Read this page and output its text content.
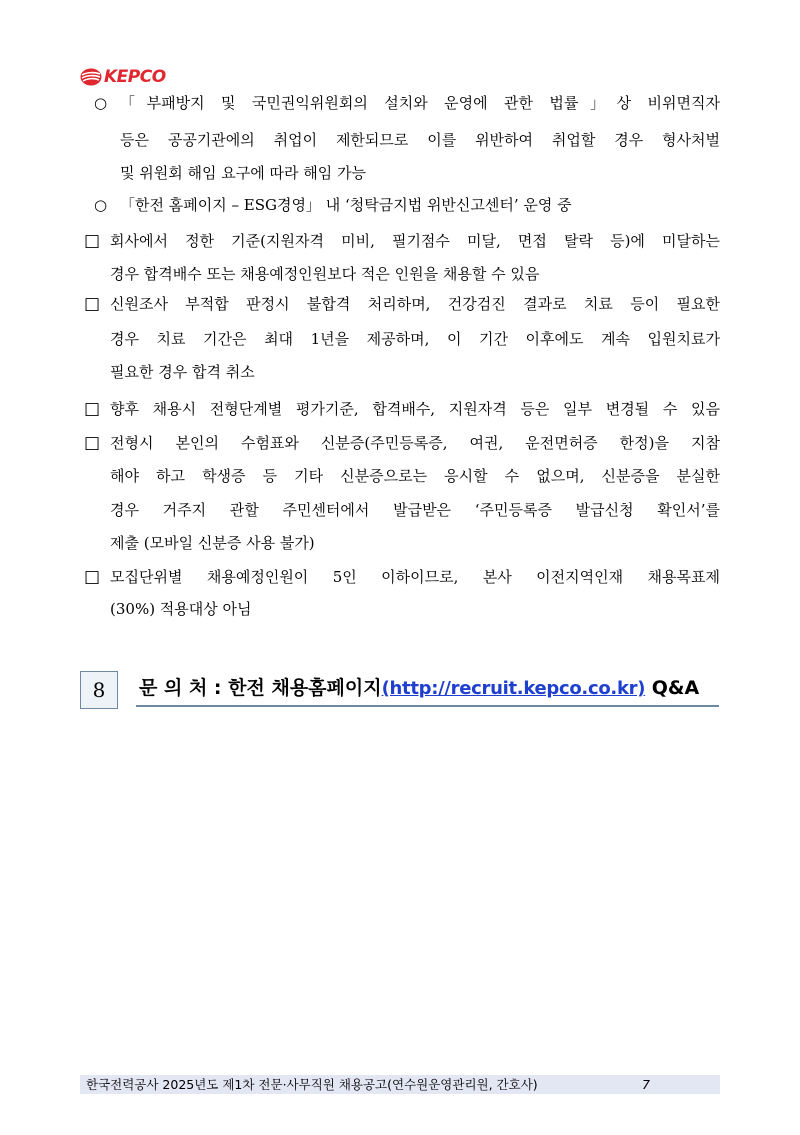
KEPCO
○ 「부패방지 및 국민권익위원회의 설치와 운영에 관한 법률」상 비위면직자
등은 공공기관에의 취업이 제한되므로 이를 위반하여 취업할 경우 형사처벌
및 위원회 해임 요구에 따라 해임 가능
○ 「한전 홈페이지 – ESG경영」 내 ‘청탁금지법 위반신고센터’ 운영 중
□ 회사에서 정한 기준(지원자격 미비, 필기점수 미달, 면접 탈락 등)에 미달하는
경우 합격배수 또는 채용예정인원보다 적은 인원을 채용할 수 있음
□ 신원조사 부적합 판정시 불합격 처리하며, 건강검진 결과로 치료 등이 필요한
경우 치료 기간은 최대 1년을 제공하며, 이 기간 이후에도 계속 입원치료가
필요한 경우 합격 취소
□ 향후 채용시 전형단계별 평가기준, 합격배수, 지원자격 등은 일부 변경될 수 있음
□ 전형시 본인의 수험표와 신분증(주민등록증, 여권, 운전면허증 한정)을 지참
해야 하고 학생증 등 기타 신분증으로는 응시할 수 없으며, 신분증을 분실한
경우 거주지 관할 주민센터에서 발급받은 ‘주민등록증 발급신청 확인서’를
제출 (모바일 신분증 사용 불가)
□ 모집단위별 채용예정인원이 5인 이하이므로, 본사 이전지역인재 채용목표제
(30%) 적용대상 아님
8	문 의 처 : 한전 채용홈페이지(http://recruit.kepco.co.kr) Q&A
한국전력공사 2025년도 제1차 전문·사무직원 채용공고(연수원운영관리원, 간호사)	7
